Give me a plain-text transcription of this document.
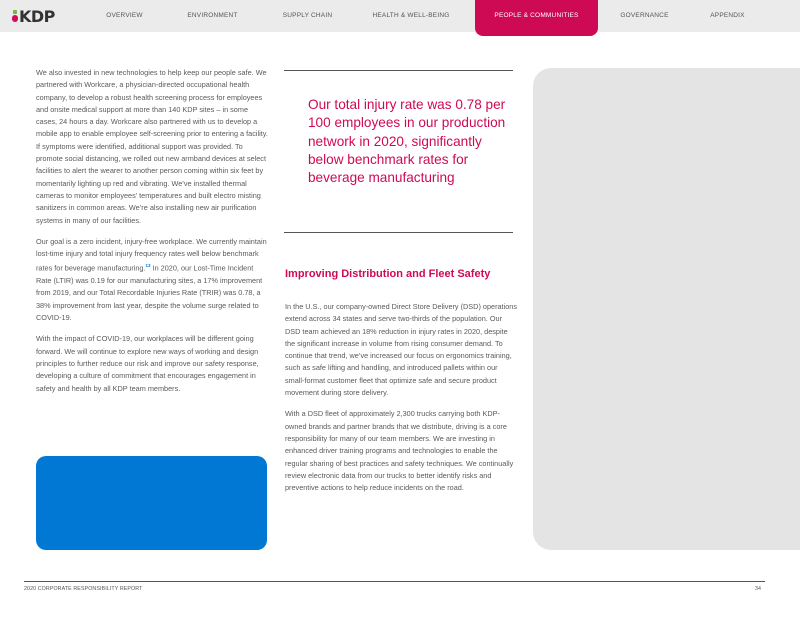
KDP	OVERVIEW	ENVIRONMENT	SUPPLY CHAIN	HEALTH & WELL-BEING	PEOPLE & COMMUNITIES	GOVERNANCE	APPENDIX

We also invested in new technologies to help keep our people safe. We partnered with Workcare, a physician-directed occupational health company, to develop a robust health screening process for employees and onsite medical support at more than 140 KDP sites – in some cases, 24 hours a day. Workcare also partnered with us to develop a mobile app to enable employee self-screening prior to entering a facility. If symptoms were identified, additional support was provided. To promote social distancing, we rolled out new armband devices at select facilities to alert the wearer to another person coming within six feet by momentarily lighting up red and vibrating. We’ve installed thermal cameras to monitor employees’ temperatures and built electro misting sanitizers in common areas. We’re also installing new air purification systems in many of our facilities.

Our goal is a zero incident, injury-free workplace. We currently maintain lost-time injury and total injury frequency rates well below benchmark rates for beverage manufacturing.$^{13}$ In 2020, our Lost-Time Incident Rate (LTIR) was 0.19 for our manufacturing sites, a 17% improvement from 2019, and our Total Recordable Injuries Rate (TRIR) was 0.78, a 38% improvement from last year, despite the volume surge related to COVID-19.

With the impact of COVID-19, our workplaces will be different going forward. We will continue to explore new ways of working and design principles to further reduce our risk and improve our safety response, developing a culture of commitment that encourages engagement in safety and health by all KDP team members.

Our total injury rate was 0.78 per 100 employees in our production network in 2020, significantly below benchmark rates for beverage manufacturing
Improving Distribution and Fleet Safety

In the U.S., our company-owned Direct Store Delivery (DSD) operations extend across 34 states and serve two-thirds of the population. Our DSD team achieved an 18% reduction in injury rates in 2020, despite the significant increase in volume from rising consumer demand. To continue that trend, we’ve increased our focus on ergonomics training, such as safe lifting and handling, and introduced pallets within our small-format customer fleet that optimize safe and secure product movement during store delivery.

With a DSD fleet of approximately 2,300 trucks carrying both KDP-owned brands and partner brands that we distribute, driving is a core responsibility for many of our team members. We are investing in enhanced driver training programs and technologies to enable the regular sharing of best practices and safety techniques. We continually review electronic data from our trucks to better identify risks and preventive actions to help reduce incidents on the road.

2020 CORPORATE RESPONSIBILITY REPORT	34
